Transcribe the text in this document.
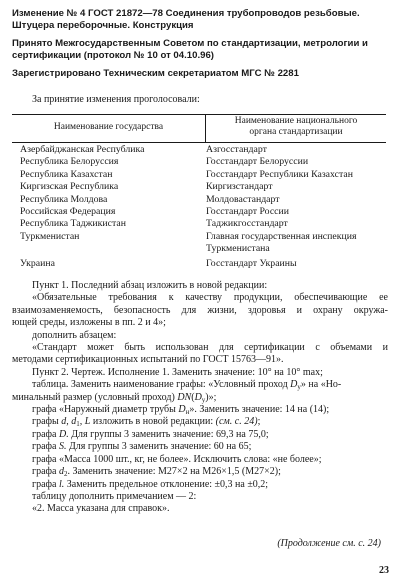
Изменение № 4 ГОСТ 21872—78 Соединения трубопроводов резьбовые.
Штуцера переборочные. Конструкция
Принято Межгосударственным Советом по стандартизации, метрологии и
сертификации (протокол № 10 от 04.10.96)
Зарегистрировано Техническим секретариатом МГС № 2281
За принятие изменения проголосовали:
Наименование государства
Наименование национального
органа стандартизации
Азербайджанская Республика	Азгосстандарт
Республика Белоруссия	Госстандарт Белоруссии
Республика Казахстан	Госстандарт Республики Казахстан
Киргизская Республика	Киргизстандарт
Республика Молдова	Молдовастандарт
Российская Федерация	Госстандарт России
Республика Таджикистан	Таджикгосстандарт
Туркменистан	Главная государственная инспекция
Туркменистана
Украина	Госстандарт Украины
Пункт 1. Последний абзац изложить в новой редакции:
«Обязательные требования к качеству продукции, обеспечивающие ее
взаимозаменяемость, безопасность для жизни, здоровья и охрану окружа-
ющей среды, изложены в пп. 2 и 4»;
дополнить абзацем:
«Стандарт может быть использован для сертификации с объемами и
методами сертификационных испытаний по ГОСТ 15763—91».
Пункт 2. Чертеж. Исполнение 1. Заменить значение: 10° на 10° max;
таблица. Заменить наименование графы: «Условный проход $D_у$» на «Но-
минальный размер (условный проход) $DN(D_у)$»;
графа «Наружный диаметр трубы $D_н$». Заменить значение: 14 на (14);
графы d, $d_1$, L изложить в новой редакции: (см. с. 24);
графа D. Для группы 3 заменить значение: 69,3 на 75,0;
графа S. Для группы 3 заменить значение: 60 на 65;
графа «Масса 1000 шт., кг, не более». Исключить слова: «не более»;
графа $d_2$. Заменить значение: М27×2 на М26×1,5 (М27×2);
графа l. Заменить предельное отклонение: ±0,3 на ±0,2;
таблицу дополнить примечанием — 2:
«2. Масса указана для справок».
(Продолжение см. с. 24)
23
